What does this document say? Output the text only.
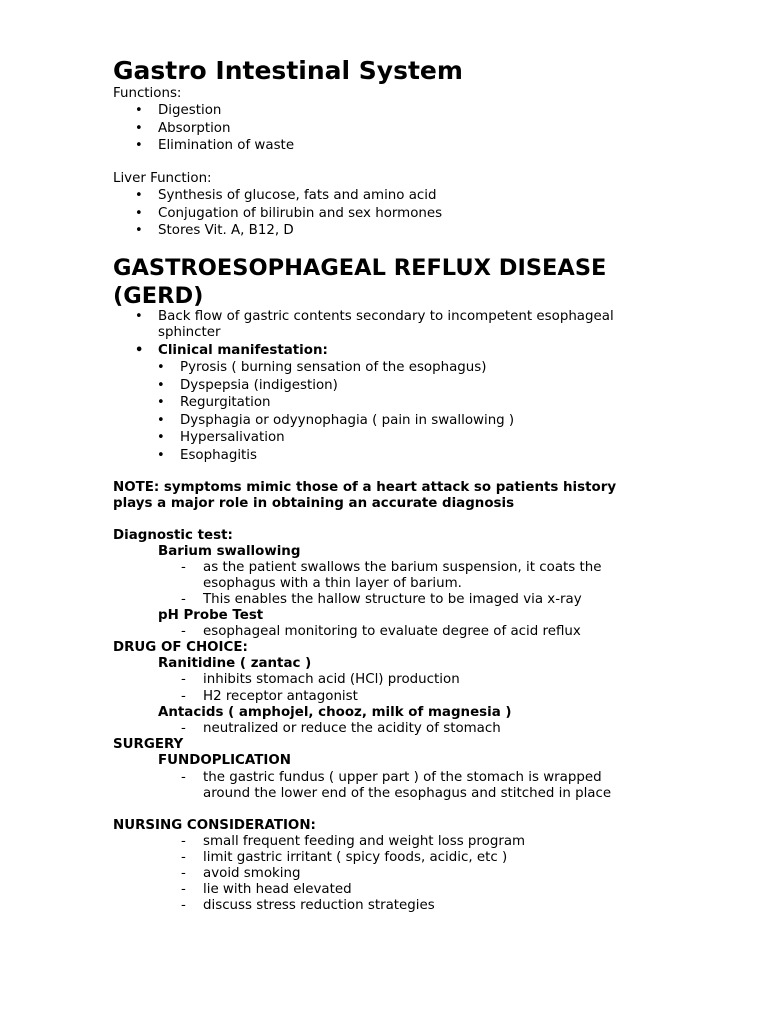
Gastro Intestinal System
Functions:
• Digestion
• Absorption
• Elimination of waste
Liver Function:
• Synthesis of glucose, fats and amino acid
• Conjugation of bilirubin and sex hormones
• Stores Vit. A, B12, D
GASTROESOPHAGEAL REFLUX DISEASE
(GERD)
• Back flow of gastric contents secondary to incompetent esophageal
sphincter
• Clinical manifestation:
• Pyrosis ( burning sensation of the esophagus)
• Dyspepsia (indigestion)
• Regurgitation
• Dysphagia or odyynophagia ( pain in swallowing )
• Hypersalivation
• Esophagitis
NOTE: symptoms mimic those of a heart attack so patients history
plays a major role in obtaining an accurate diagnosis
Diagnostic test:
Barium swallowing
- as the patient swallows the barium suspension, it coats the
esophagus with a thin layer of barium.
- This enables the hallow structure to be imaged via x-ray
pH Probe Test
- esophageal monitoring to evaluate degree of acid reflux
DRUG OF CHOICE:
Ranitidine ( zantac )
- inhibits stomach acid (HCl) production
- H2 receptor antagonist
Antacids ( amphojel, chooz, milk of magnesia )
- neutralized or reduce the acidity of stomach
SURGERY
FUNDOPLICATION
- the gastric fundus ( upper part ) of the stomach is wrapped
around the lower end of the esophagus and stitched in place
NURSING CONSIDERATION:
- small frequent feeding and weight loss program
- limit gastric irritant ( spicy foods, acidic, etc )
- avoid smoking
- lie with head elevated
- discuss stress reduction strategies
